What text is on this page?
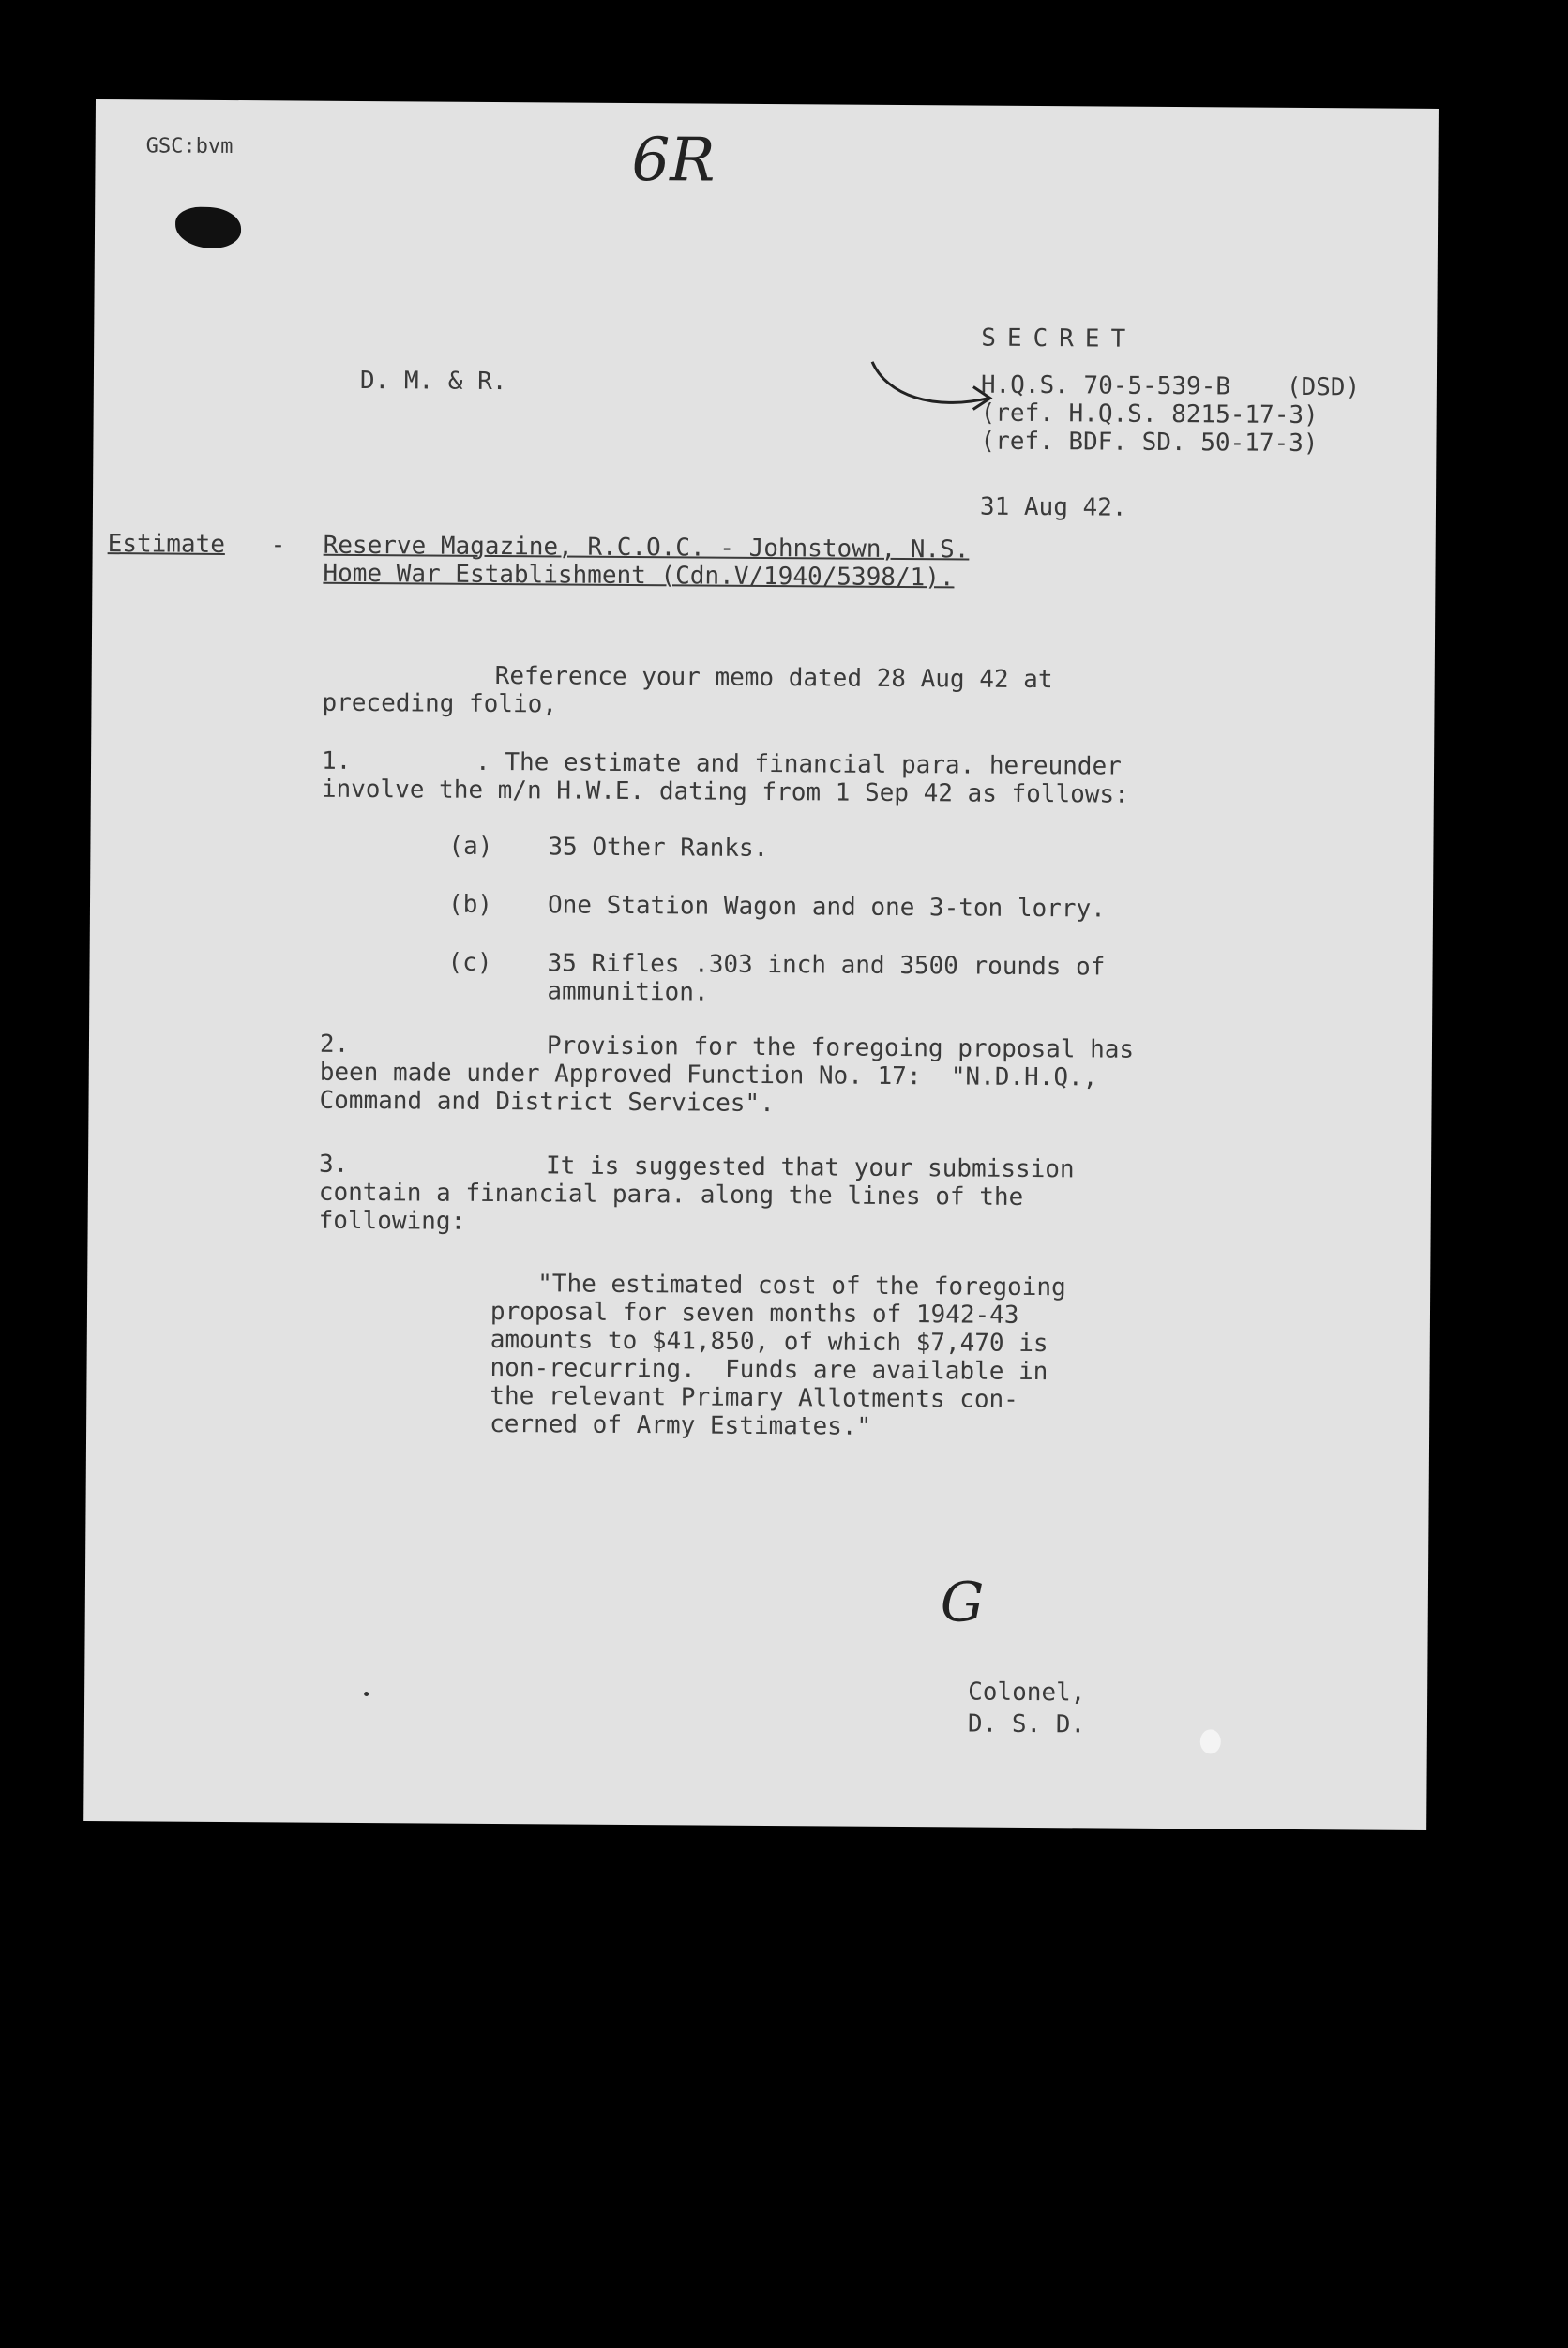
GSC:bvm	6R
SECRET
D. M. & R.	H.Q.S. 70-5-539-B (DSD)
(ref. H.Q.S. 8215-17-3)
(ref. BDF. SD. 50-17-3)
31 Aug 42.
Estimate - Reserve Magazine, R.C.O.C. - Johnstown, N.S.
Home War Establishment (Cdn.V/1940/5398/1).
Reference your memo dated 28 Aug 42 at
preceding folio,
1.	. The estimate and financial para. hereunder
involve the m/n H.W.E. dating from 1 Sep 42 as follows:
(a) 35 Other Ranks.
(b) One Station Wagon and one 3-ton lorry.
(c) 35 Rifles .303 inch and 3500 rounds of
ammunition.
2.	Provision for the foregoing proposal has
been made under Approved Function No. 17:  "N.D.H.Q.,
Command and District Services".
3.	It is suggested that your submission
contain a financial para. along the lines of the
following:
"The estimated cost of the foregoing
proposal for seven months of 1942-43
amounts to $41,850, of which $7,470 is
non-recurring.  Funds are available in
the relevant Primary Allotments con-
cerned of Army Estimates."
G
Colonel,
D. S. D.
